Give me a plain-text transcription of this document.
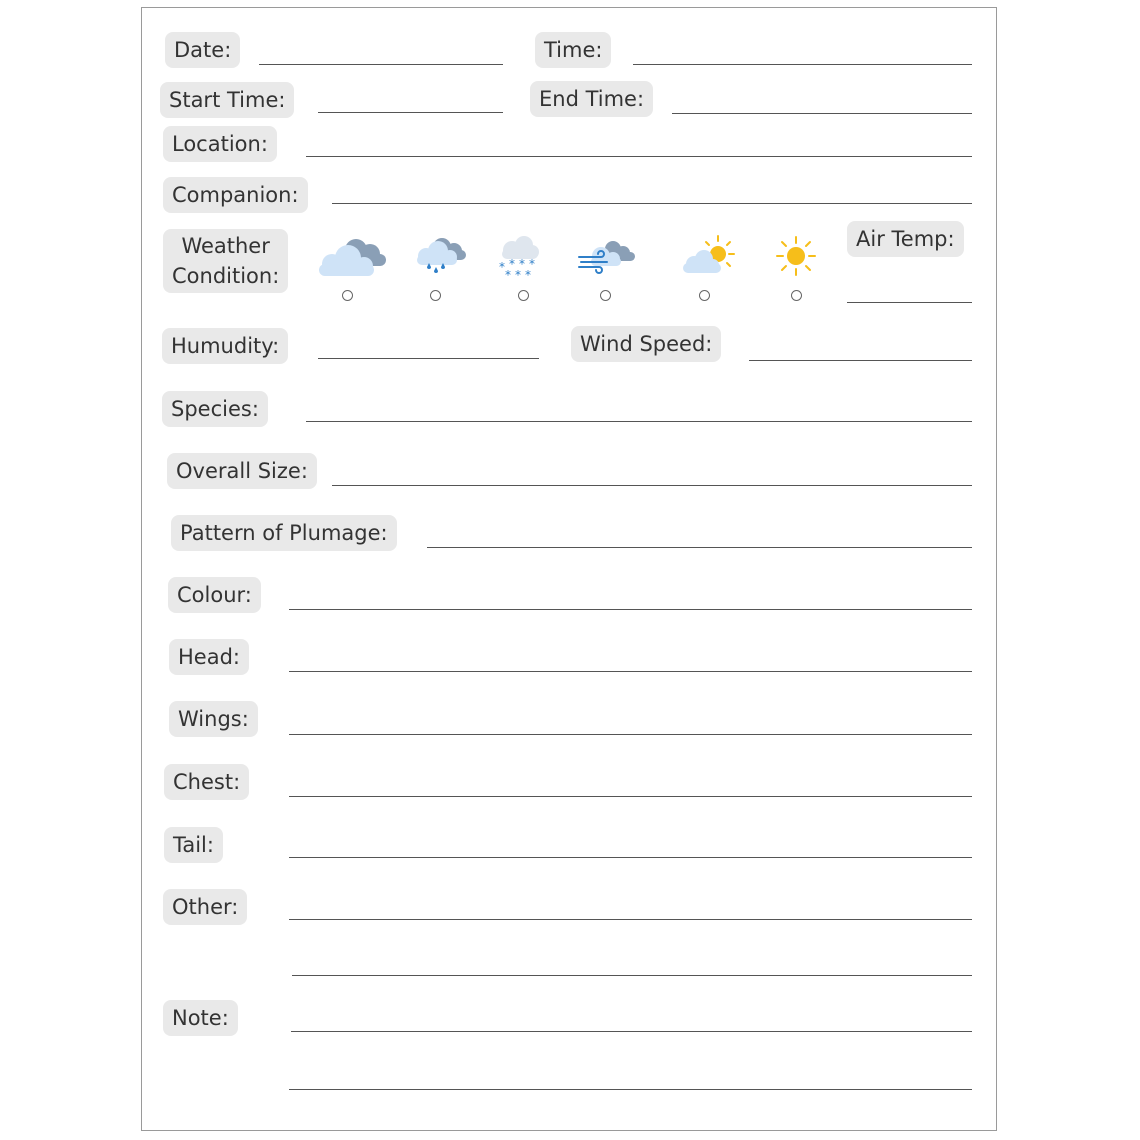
Date:	Time:
Start Time:	End Time:
Location:
Companion:
Weather
Condition:	* * * *
* * *
Air Temp:
Humudity:	Wind Speed:
Species:
Overall Size:
Pattern of Plumage:
Colour:
Head:
Wings:
Chest:
Tail:
Other:
Note:
